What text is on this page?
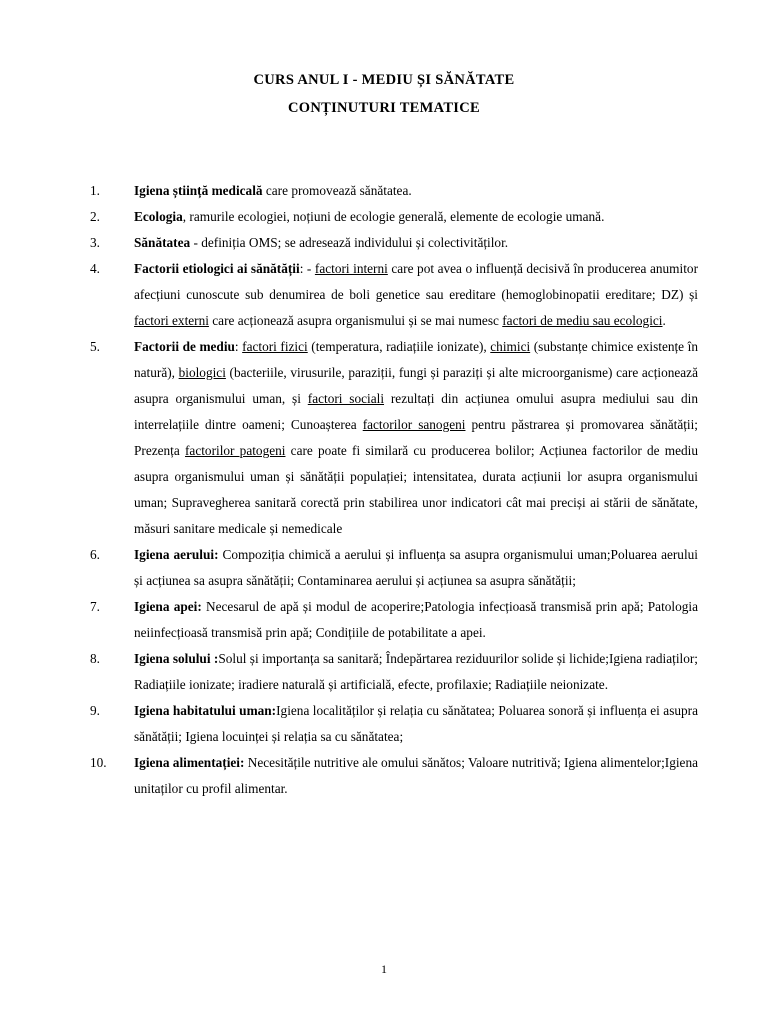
CURS ANUL I - MEDIU ȘI SĂNĂTATE
CONȚINUTURI TEMATICE
1.	Igiena știință medicală care promovează sănătatea.
2.	Ecologia, ramurile ecologiei, noțiuni de ecologie generală, elemente de ecologie umană.
3.	Sănătatea - definiția OMS; se adresează individului și colectivităților.
4.	Factorii etiologici ai sănătății: - factori interni care pot avea o influență decisivă în producerea anumitor afecțiuni cunoscute sub denumirea de boli genetice sau ereditare (hemoglobinopatii ereditare; DZ) și factori externi care acționează asupra organismului și se mai numesc factori de mediu sau ecologici.
5.	Factorii de mediu: factori fizici (temperatura, radiațiile ionizate), chimici (substanțe chimice existențe în natură), biologici (bacteriile, virusurile, paraziții, fungi și paraziți și alte microorganisme) care acționează asupra organismului uman, și factori sociali rezultați din acțiunea omului asupra mediului sau din interrelațiile dintre oameni; Cunoașterea factorilor sanogeni pentru păstrarea și promovarea sănătății; Prezența factorilor patogeni care poate fi similară cu producerea bolilor; Acțiunea factorilor de mediu asupra organismului uman și sănătății populației; intensitatea, durata acțiunii lor asupra organismului uman; Supravegherea sanitară corectă prin stabilirea unor indicatori cât mai preciși ai stării de sănătate, măsuri sanitare medicale și nemedicale
6.	Igiena aerului: Compoziția chimică a aerului și influența sa asupra organismului uman;Poluarea aerului și acțiunea sa asupra sănătății; Contaminarea aerului și acțiunea sa asupra sănătății;
7.	Igiena apei: Necesarul de apă și modul de acoperire;Patologia infecțioasă transmisă prin apă; Patologia neiinfecțioasă transmisă prin apă; Condițiile de potabilitate a apei.
8.	Igiena solului :Solul și importanța sa sanitară; Îndepărtarea reziduurilor solide și lichide;Igiena radiaților; Radiațiile ionizate; iradiere naturală și artificială, efecte, profilaxie; Radiațiile neionizate.
9.	Igiena habitatului uman:Igiena localităților și relația cu sănătatea; Poluarea sonoră și influența ei asupra sănătății; Igiena locuinței și relația sa cu sănătatea;
10. Igiena alimentației: Necesitățile nutritive ale omului sănătos; Valoare nutritivă; Igiena alimentelor;Igiena unitaților cu profil alimentar.
1
